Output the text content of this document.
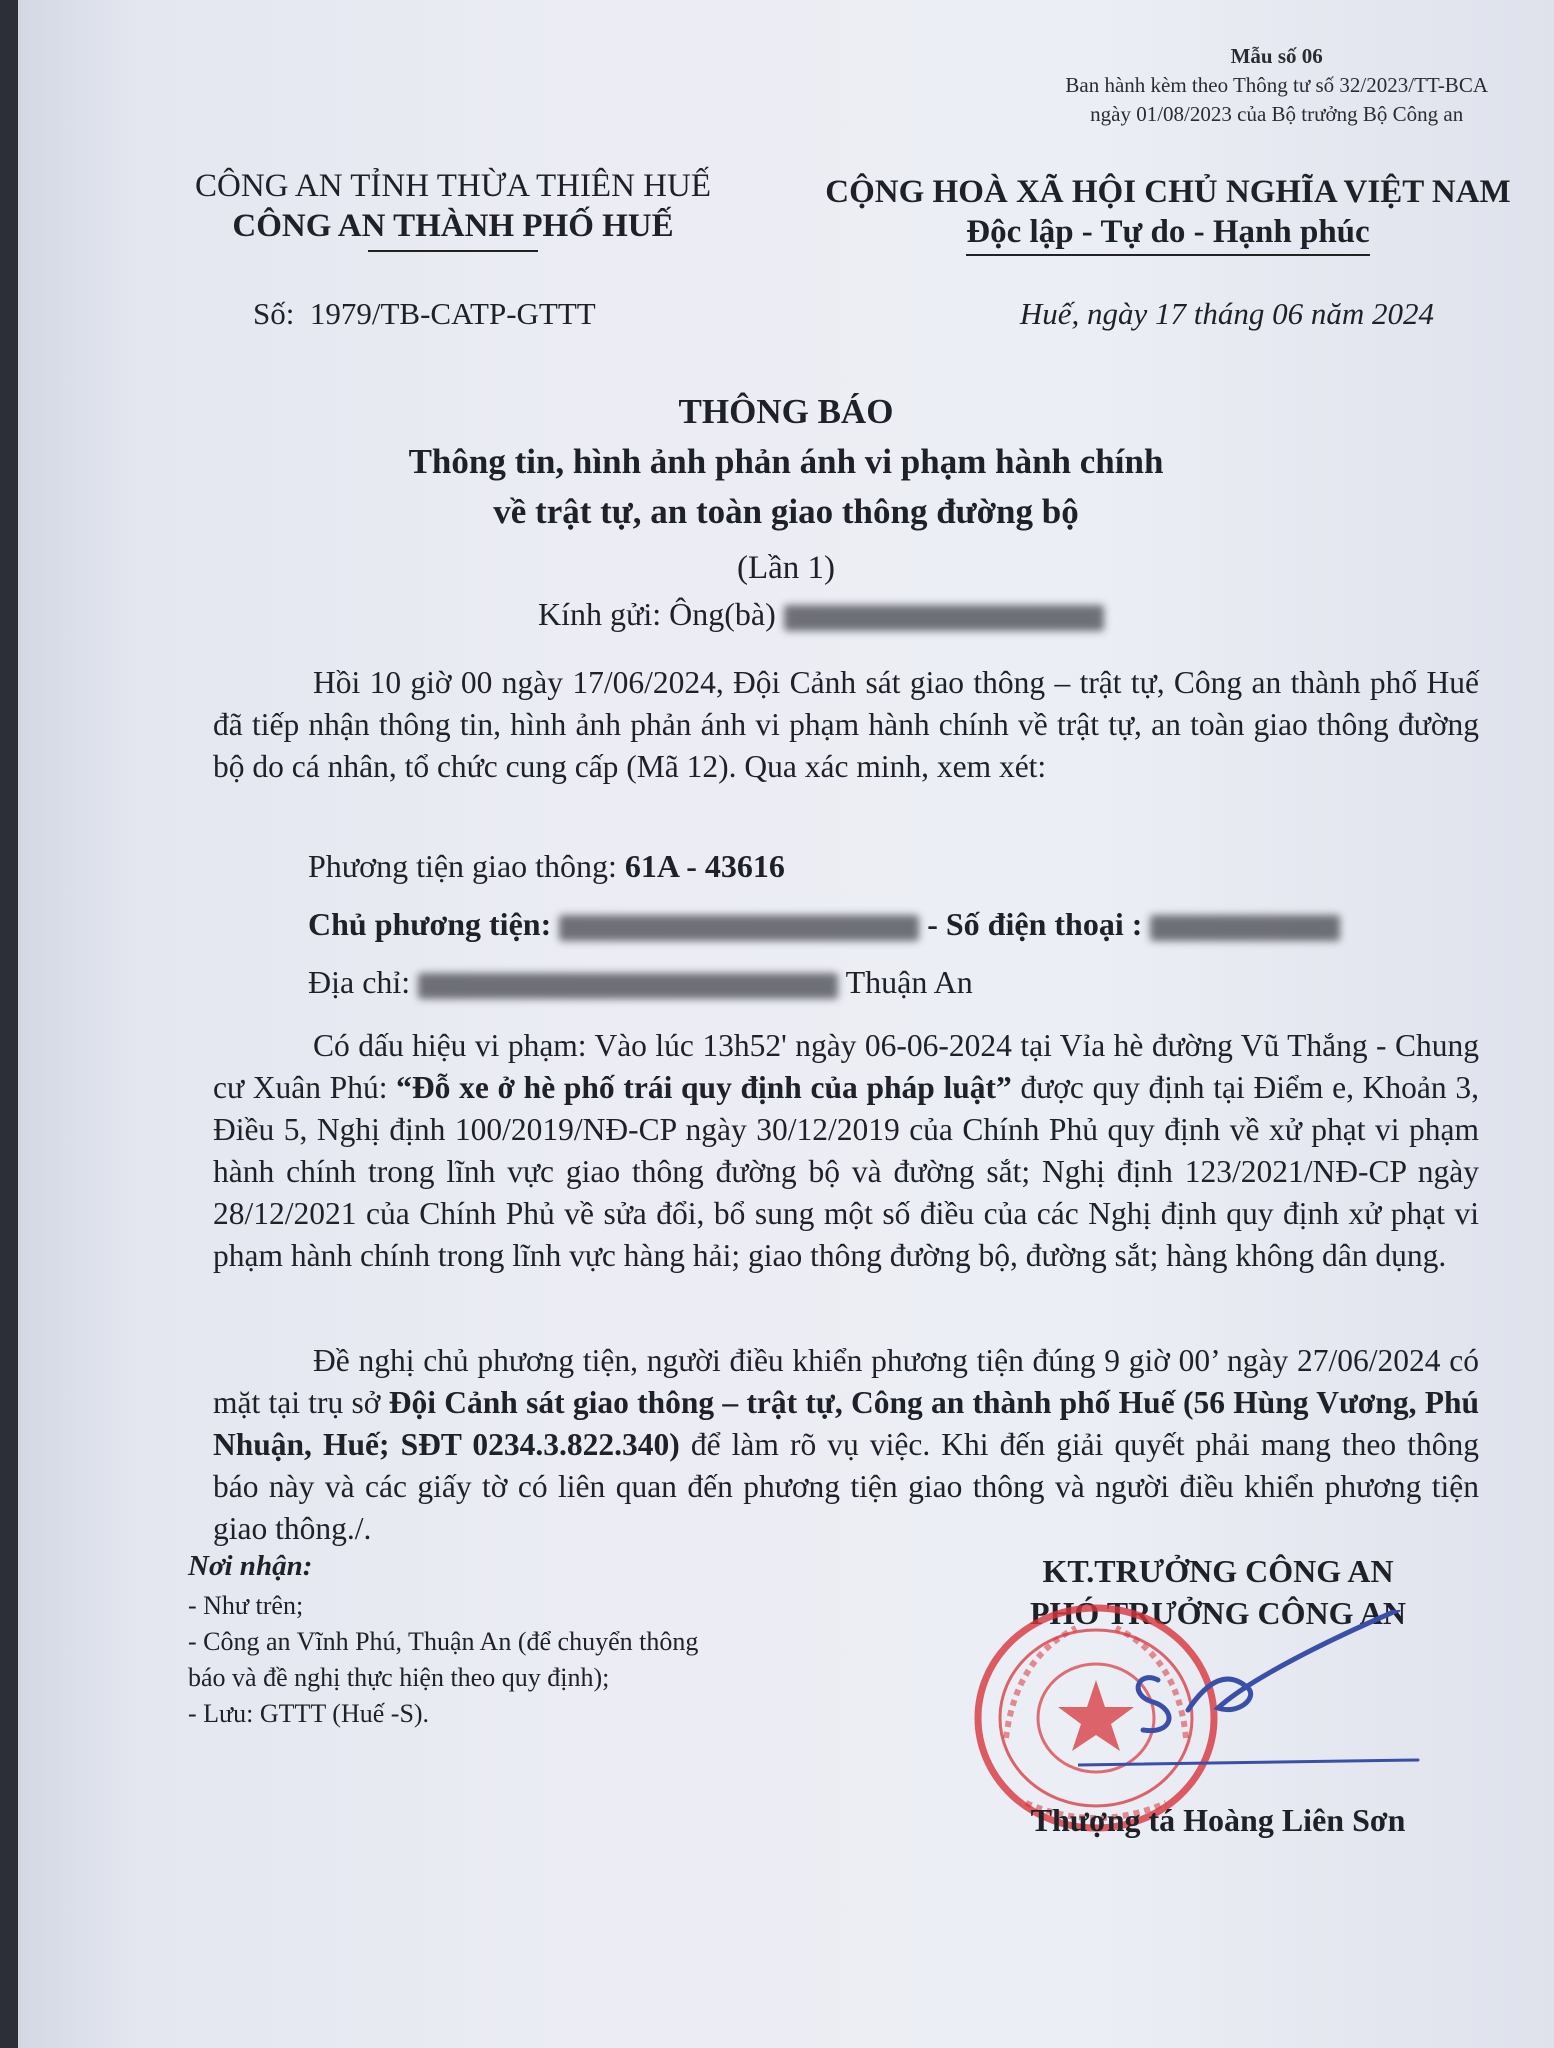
Mẫu số 06
Ban hành kèm theo Thông tư số 32/2023/TT-BCA
ngày 01/08/2023 của Bộ trưởng Bộ Công an
CÔNG AN TỈNH THỪA THIÊN HUẾ
CÔNG AN THÀNH PHỐ HUẾ
CỘNG HOÀ XÃ HỘI CHỦ NGHĨA VIỆT NAM
Độc lập - Tự do - Hạnh phúc
Số: 1979/TB-CATP-GTTT	Huế, ngày 17 tháng 06 năm 2024
THÔNG BÁO
Thông tin, hình ảnh phản ánh vi phạm hành chính
về trật tự, an toàn giao thông đường bộ
(Lần 1)
Kính gửi: Ông(bà)
Hồi 10 giờ 00 ngày 17/06/2024, Đội Cảnh sát giao thông – trật tự, Công an thành phố Huế đã tiếp nhận thông tin, hình ảnh phản ánh vi phạm hành chính về trật tự, an toàn giao thông đường bộ do cá nhân, tổ chức cung cấp (Mã 12). Qua xác minh, xem xét:
Phương tiện giao thông: 61A - 43616
Chủ phương tiện:	- Số điện thoại :
Địa chỉ:	Thuận An
Có dấu hiệu vi phạm: Vào lúc 13h52' ngày 06-06-2024 tại Vỉa hè đường Vũ Thắng - Chung cư Xuân Phú: “Đỗ xe ở hè phố trái quy định của pháp luật” được quy định tại Điểm e, Khoản 3, Điều 5, Nghị định 100/2019/NĐ-CP ngày 30/12/2019 của Chính Phủ quy định về xử phạt vi phạm hành chính trong lĩnh vực giao thông đường bộ và đường sắt; Nghị định 123/2021/NĐ-CP ngày 28/12/2021 của Chính Phủ về sửa đổi, bổ sung một số điều của các Nghị định quy định xử phạt vi phạm hành chính trong lĩnh vực hàng hải; giao thông đường bộ, đường sắt; hàng không dân dụng.
Đề nghị chủ phương tiện, người điều khiển phương tiện đúng 9 giờ 00’ ngày 27/06/2024 có mặt tại trụ sở Đội Cảnh sát giao thông – trật tự, Công an thành phố Huế (56 Hùng Vương, Phú Nhuận, Huế; SĐT 0234.3.822.340) để làm rõ vụ việc. Khi đến giải quyết phải mang theo thông báo này và các giấy tờ có liên quan đến phương tiện giao thông và người điều khiển phương tiện giao thông./.
Nơi nhận:
- Như trên;
- Công an Vĩnh Phú, Thuận An (để chuyển thông
báo và đề nghị thực hiện theo quy định);
- Lưu: GTTT (Huế -S).
KT.TRƯỞNG CÔNG AN
PHÓ TRƯỞNG CÔNG AN
Thượng tá Hoàng Liên Sơn
